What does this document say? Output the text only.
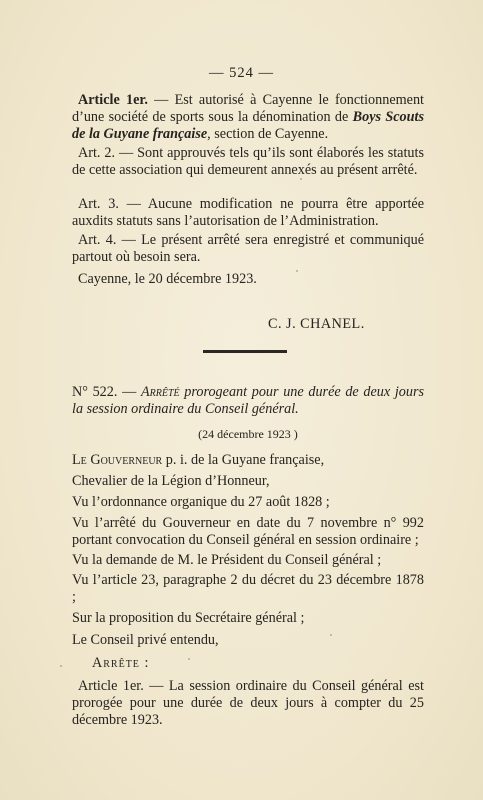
— 524 —

Article 1er. — Est autorisé à Cayenne le fonctionnement d’une société de sports sous la dénomination de Boys Scouts de la Guyane française, section de Cayenne.

Art. 2. — Sont approuvés tels qu’ils sont élaborés les statuts de cette association qui demeurent annexés au présent arrêté.

Art. 3. — Aucune modification ne pourra être apportée auxdits statuts sans l’autorisation de l’Administration.

Art. 4. — Le présent arrêté sera enregistré et communiqué partout où besoin sera.

Cayenne, le 20 décembre 1923.

C. J. CHANEL.

N° 522. — Arrêté prorogeant pour une durée de deux jours la session ordinaire du Conseil général.

(24 décembre 1923 )

Le Gouverneur p. i. de la Guyane française,

Chevalier de la Légion d’Honneur,

Vu l’ordonnance organique du 27 août 1828 ;

Vu l’arrêté du Gouverneur en date du 7 novembre n° 992 portant convocation du Conseil général en session ordinaire ;

Vu la demande de M. le Président du Conseil général ;

Vu l’article 23, paragraphe 2 du décret du 23 décembre 1878 ;

Sur la proposition du Secrétaire général ;

Le Conseil privé entendu,

Arrête :

Article 1er. — La session ordinaire du Conseil général est prorogée pour une durée de deux jours à compter du 25 décembre 1923.
